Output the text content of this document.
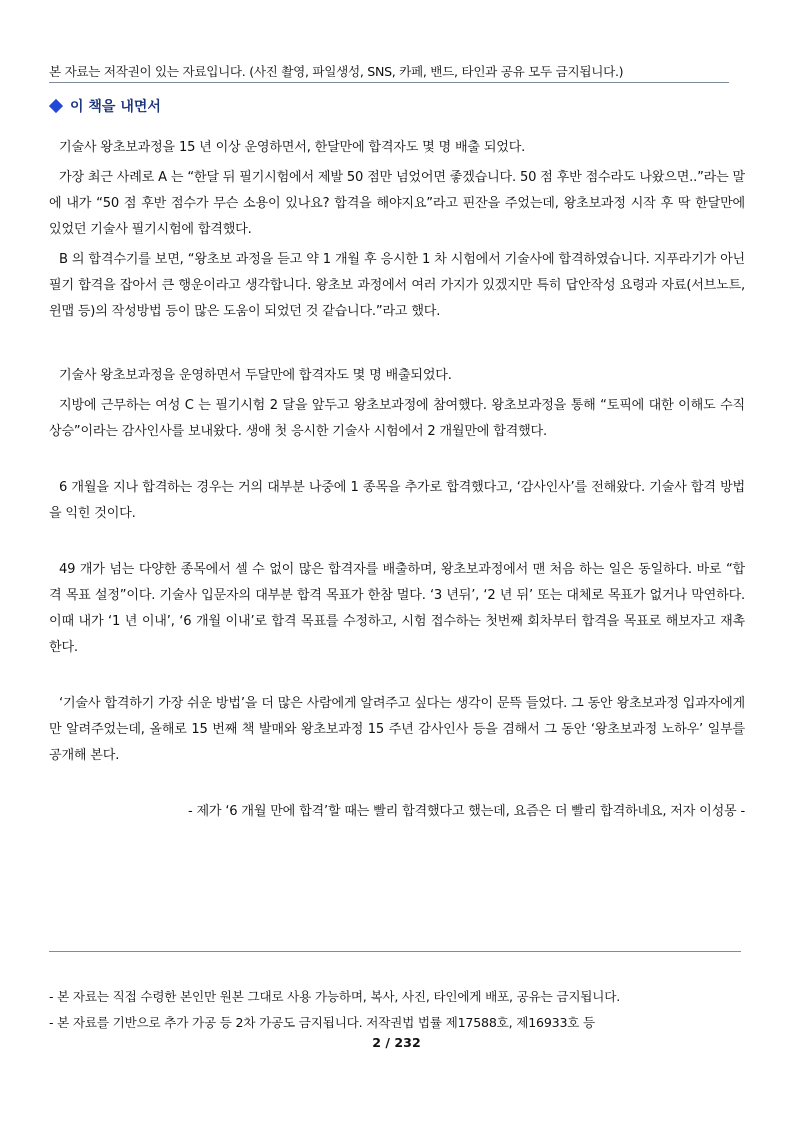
본 자료는 저작권이 있는 자료입니다. (사진 촬영, 파일생성, SNS, 카페, 밴드, 타인과 공유 모두 금지됩니다.)
이 책을 내면서

기술사 왕초보과정을 15 년 이상 운영하면서, 한달만에 합격자도 몇 명 배출 되었다.

가장 최근 사례로 A 는 “한달 뒤 필기시험에서 제발 50 점만 넘었어면 좋겠습니다. 50 점 후반 점수라도 나왔으면..”라는 말에 내가 “50 점 후반 점수가 무슨 소용이 있나요? 합격을 해야지요”라고 핀잔을 주었는데, 왕초보과정 시작 후 딱 한달만에 있었던 기술사 필기시험에 합격했다.

B 의 합격수기를 보면, “왕초보 과정을 듣고 약 1 개월 후 응시한 1 차 시험에서 기술사에 합격하였습니다. 지푸라기가 아닌 필기 합격을 잡아서 큰 행운이라고 생각합니다. 왕초보 과정에서 여러 가지가 있겠지만 특히 답안작성 요령과 자료(서브노트, 윈맵 등)의 작성방법 등이 많은 도움이 되었던 것 같습니다.”라고 했다.

기술사 왕초보과정을 운영하면서 두달만에 합격자도 몇 명 배출되었다.

지방에 근무하는 여성 C 는 필기시험 2 달을 앞두고 왕초보과정에 참여했다. 왕초보과정을 통해 “토픽에 대한 이해도 수직 상승”이라는 감사인사를 보내왔다. 생애 첫 응시한 기술사 시험에서 2 개월만에 합격했다.

6 개월을 지나 합격하는 경우는 거의 대부분 나중에 1 종목을 추가로 합격했다고, ‘감사인사’를 전해왔다. 기술사 합격 방법을 익힌 것이다.

49 개가 넘는 다양한 종목에서 셀 수 없이 많은 합격자를 배출하며, 왕초보과정에서 맨 처음 하는 일은 동일하다. 바로 “합격 목표 설정”이다. 기술사 입문자의 대부분 합격 목표가 한참 멀다. ‘3 년뒤’, ‘2 년 뒤’ 또는 대체로 목표가 없거나 막연하다. 이때 내가 ‘1 년 이내’, ‘6 개월 이내’로 합격 목표를 수정하고, 시험 접수하는 첫번째 회차부터 합격을 목표로 해보자고 재촉한다.

‘기술사 합격하기 가장 쉬운 방법’을 더 많은 사람에게 알려주고 싶다는 생각이 문뜩 들었다. 그 동안 왕초보과정 입과자에게만 알려주었는데, 올해로 15 번째 책 발매와 왕초보과정 15 주년 감사인사 등을 겸해서 그 동안 ‘왕초보과정 노하우’ 일부를 공개해 본다.

- 제가 ‘6 개월 만에 합격’할 때는 빨리 합격했다고 했는데, 요즘은 더 빨리 합격하네요, 저자 이성몽 -

- 본 자료는 직접 수령한 본인만 원본 그대로 사용 가능하며, 복사, 사진, 타인에게 배포, 공유는 금지됩니다.
- 본 자료를 기반으로 추가 가공 등 2차 가공도 금지됩니다. 저작권법 법률 제17588호, 제16933호 등
2 / 232
